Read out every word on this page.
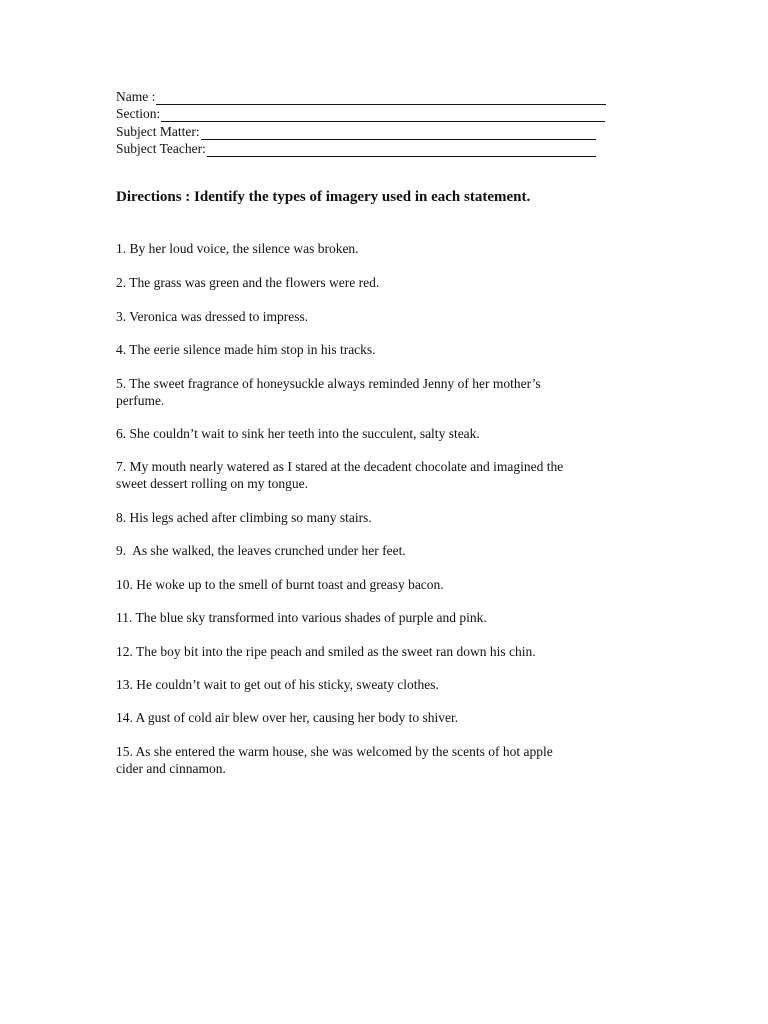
Name :
Section:
Subject Matter:
Subject Teacher:
Directions : Identify the types of imagery used in each statement.
1. By her loud voice, the silence was broken.
2. The grass was green and the flowers were red.
3. Veronica was dressed to impress.
4. The eerie silence made him stop in his tracks.
5. The sweet fragrance of honeysuckle always reminded Jenny of her mother’s
perfume.
6. She couldn’t wait to sink her teeth into the succulent, salty steak.
7. My mouth nearly watered as I stared at the decadent chocolate and imagined the
sweet dessert rolling on my tongue.
8. His legs ached after climbing so many stairs.
9.  As she walked, the leaves crunched under her feet.
10. He woke up to the smell of burnt toast and greasy bacon.
11. The blue sky transformed into various shades of purple and pink.
12. The boy bit into the ripe peach and smiled as the sweet ran down his chin.
13. He couldn’t wait to get out of his sticky, sweaty clothes.
14. A gust of cold air blew over her, causing her body to shiver.
15. As she entered the warm house, she was welcomed by the scents of hot apple
cider and cinnamon.
